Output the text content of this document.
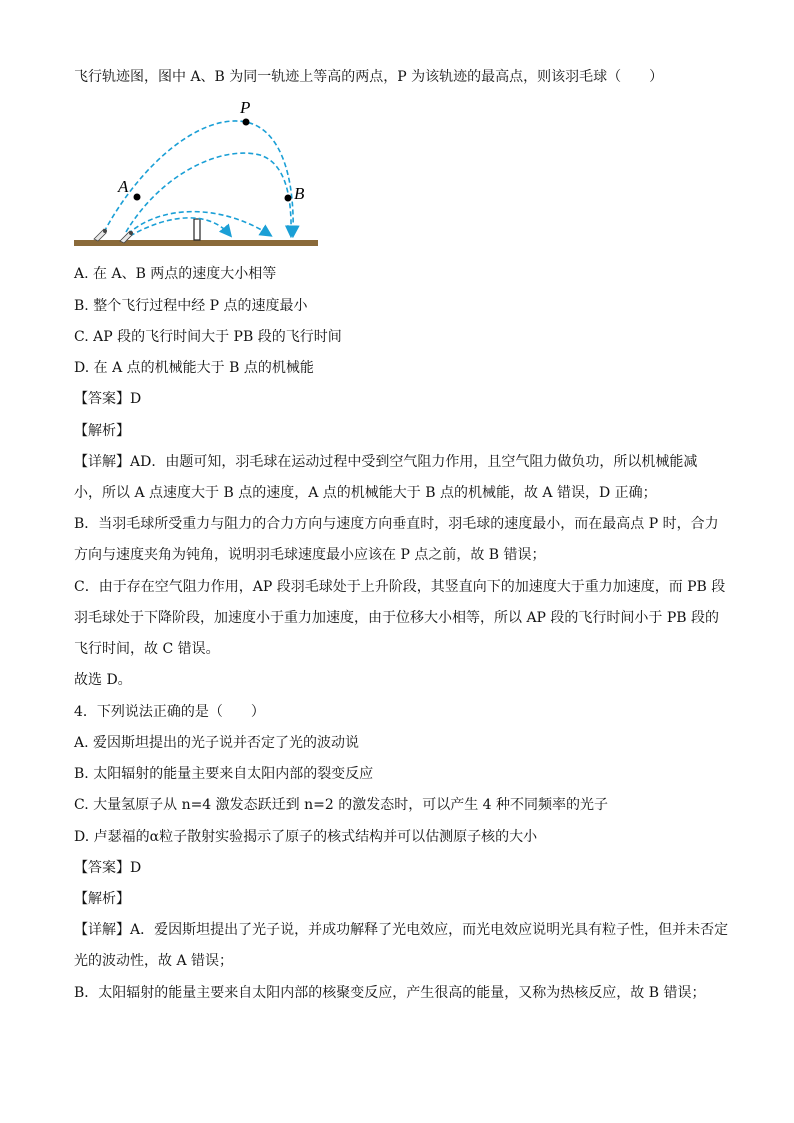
飞行轨迹图，图中 A、B 为同一轨迹上等高的两点，P 为该轨迹的最高点，则该羽毛球（　　）
P
A	B
A. 在 A、B 两点的速度大小相等
B. 整个飞行过程中经 P 点的速度最小
C. AP 段的飞行时间大于 PB 段的飞行时间
D. 在 A 点的机械能大于 B 点的机械能
【答案】D
【解析】
【详解】AD．由题可知，羽毛球在运动过程中受到空气阻力作用，且空气阻力做负功，所以机械能减
小，所以 A 点速度大于 B 点的速度，A 点的机械能大于 B 点的机械能，故 A 错误，D 正确；
B．当羽毛球所受重力与阻力的合力方向与速度方向垂直时，羽毛球的速度最小，而在最高点 P 时，合力
方向与速度夹角为钝角，说明羽毛球速度最小应该在 P 点之前，故 B 错误；
C．由于存在空气阻力作用，AP 段羽毛球处于上升阶段，其竖直向下的加速度大于重力加速度，而 PB 段
羽毛球处于下降阶段，加速度小于重力加速度，由于位移大小相等，所以 AP 段的飞行时间小于 PB 段的
飞行时间，故 C 错误。
故选 D。
4．下列说法正确的是（　　）
A. 爱因斯坦提出的光子说并否定了光的波动说
B. 太阳辐射的能量主要来自太阳内部的裂变反应
C. 大量氢原子从 n=4 激发态跃迁到 n=2 的激发态时，可以产生 4 种不同频率的光子
D. 卢瑟福的α粒子散射实验揭示了原子的核式结构并可以估测原子核的大小
【答案】D
【解析】
【详解】A．爱因斯坦提出了光子说，并成功解释了光电效应，而光电效应说明光具有粒子性，但并未否定
光的波动性，故 A 错误；
B．太阳辐射的能量主要来自太阳内部的核聚变反应，产生很高的能量，又称为热核反应，故 B 错误；
